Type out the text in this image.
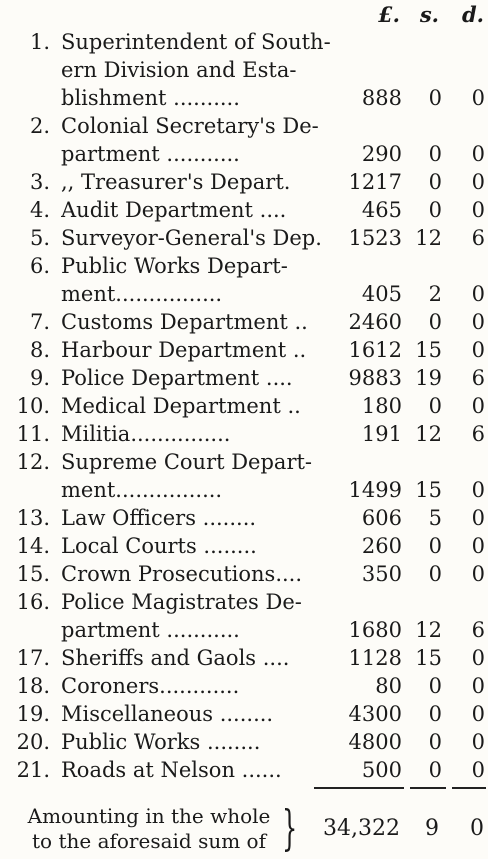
£. s. d.
1. Superintendent of South-
ern Division and Esta-
blishment ..........	888 0 0
2. Colonial Secretary's De-
partment ...........	290 0 0
3. ,, Treasurer's Depart.	1217 0 0
4. Audit Department ....	465 0 0
5. Surveyor-General's Dep.	1523 12 6
6. Public Works Depart-
ment................	405 2 0
7. Customs Department ..	2460 0 0
8. Harbour Department ..	1612 15 0
9. Police Department ....	9883 19 6
10. Medical Department ..	180 0 0
11. Militia...............	191 12 6
12. Supreme Court Depart-
ment................	1499 15 0
13. Law Officers ........	606 5 0
14. Local Courts ........	260 0 0
15. Crown Prosecutions....	350 0 0
16. Police Magistrates De-
partment ...........	1680 12 6
17. Sheriffs and Gaols ....	1128 15 0
18. Coroners............	80 0 0
19. Miscellaneous ........	4300 0 0
20. Public Works ........	4800 0 0
21. Roads at Nelson ......	500 0 0
Amounting in the whole
to the aforesaid sum of } 34,322 9 0
